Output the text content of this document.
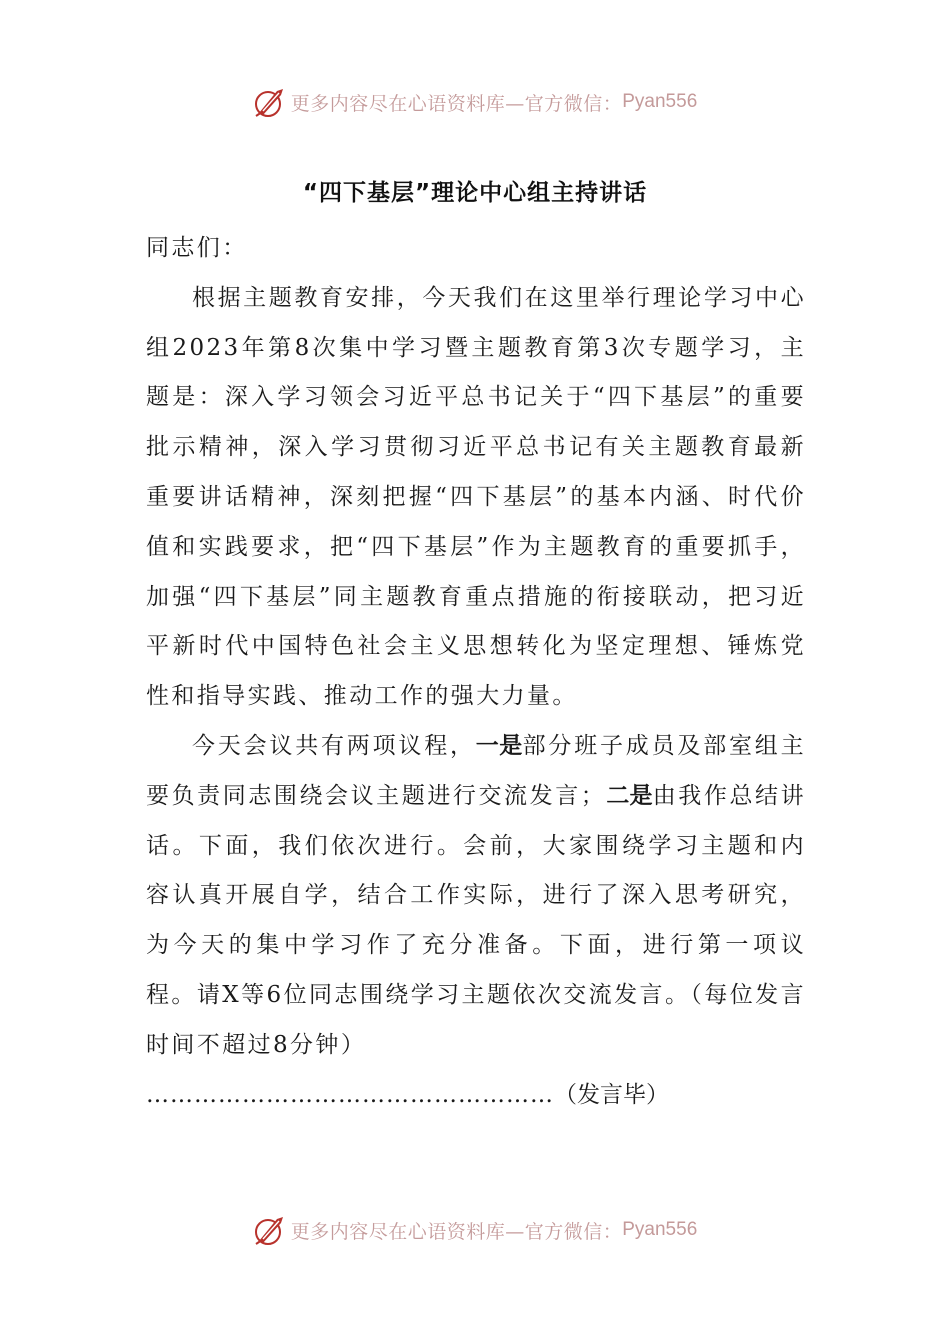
更多内容尽在心语资料库—官方微信： Pyan556
“四下基层”理论中心组主持讲话

同志们：

根据主题教育安排，今天我们在这里举行理论学习中心组2023年第8次集中学习暨主题教育第3次专题学习，主题是：深入学习领会习近平总书记关于“四下基层”的重要批示精神，深入学习贯彻习近平总书记有关主题教育最新重要讲话精神，深刻把握“四下基层”的基本内涵、时代价值和实践要求，把“四下基层”作为主题教育的重要抓手，加强“四下基层”同主题教育重点措施的衔接联动，把习近平新时代中国特色社会主义思想转化为坚定理想、锤炼党性和指导实践、推动工作的强大力量。

今天会议共有两项议程，一是部分班子成员及部室组主要负责同志围绕会议主题进行交流发言；二是由我作总结讲话。下面，我们依次进行。会前，大家围绕学习主题和内容认真开展自学，结合工作实际，进行了深入思考研究，为今天的集中学习作了充分准备。下面，进行第一项议程。请X等6位同志围绕学习主题依次交流发言。（每位发言时间不超过8分钟）

……………………………………………（发言毕）

更多内容尽在心语资料库—官方微信： Pyan556
